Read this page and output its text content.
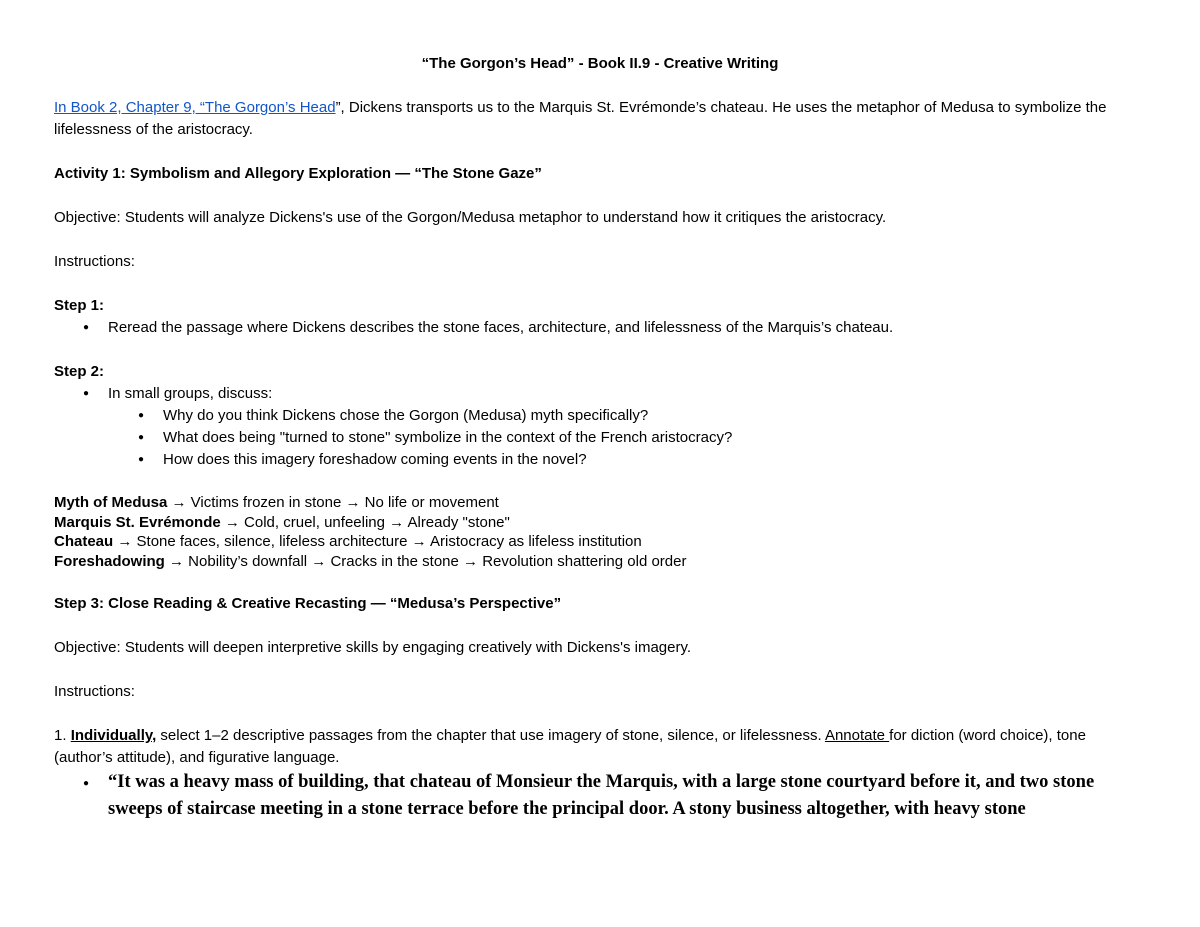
“The Gorgon’s Head” - Book II.9 - Creative Writing

In Book 2, Chapter 9, “The Gorgon’s Head”, Dickens transports us to the Marquis St. Evrémonde’s chateau. He uses the metaphor of Medusa to symbolize the lifelessness of the aristocracy.

Activity 1: Symbolism and Allegory Exploration — “The Stone Gaze”

Objective: Students will analyze Dickens's use of the Gorgon/Medusa metaphor to understand how it critiques the aristocracy.

Instructions:

Step 1:

● Reread the passage where Dickens describes the stone faces, architecture, and lifelessness of the Marquis’s chateau.

Step 2:

● In small groups, discuss:
● Why do you think Dickens chose the Gorgon (Medusa) myth specifically?
● What does being "turned to stone" symbolize in the context of the French aristocracy?
● How does this imagery foreshadow coming events in the novel?

Myth of Medusa → Victims frozen in stone → No life or movement

Marquis St. Evrémonde → Cold, cruel, unfeeling → Already "stone"

Chateau → Stone faces, silence, lifeless architecture → Aristocracy as lifeless institution

Foreshadowing → Nobility’s downfall → Cracks in the stone → Revolution shattering old order

Step 3: Close Reading & Creative Recasting — “Medusa’s Perspective”

Objective: Students will deepen interpretive skills by engaging creatively with Dickens's imagery.

Instructions:

1. Individually, select 1–2 descriptive passages from the chapter that use imagery of stone, silence, or lifelessness. Annotate for diction (word choice), tone (author’s attitude), and figurative language.

● “It was a heavy mass of building, that chateau of Monsieur the Marquis, with a large stone courtyard before it, and two stone sweeps of staircase meeting in a stone terrace before the principal door. A stony business altogether, with heavy stone
